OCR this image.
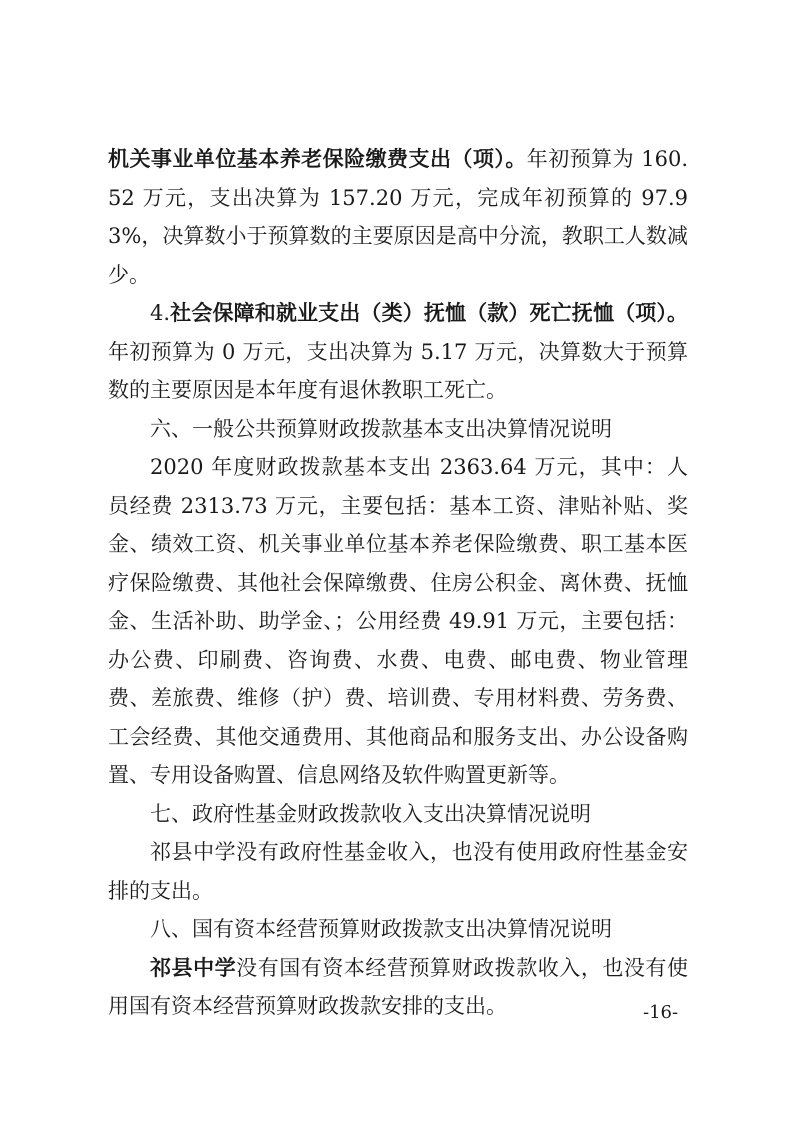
机关事业单位基本养老保险缴费支出（项）。年初预算为 160.52 万元，支出决算为 157.20 万元，完成年初预算的 97.93%，决算数小于预算数的主要原因是高中分流，教职工人数减少。

4.社会保障和就业支出（类）抚恤（款）死亡抚恤（项）。年初预算为 0 万元，支出决算为 5.17 万元，决算数大于预算数的主要原因是本年度有退休教职工死亡。

六、一般公共预算财政拨款基本支出决算情况说明

2020 年度财政拨款基本支出 2363.64 万元，其中：人员经费 2313.73 万元，主要包括：基本工资、津贴补贴、奖金、绩效工资、机关事业单位基本养老保险缴费、职工基本医疗保险缴费、其他社会保障缴费、住房公积金、离休费、抚恤金、生活补助、助学金、；公用经费 49.91 万元，主要包括：办公费、印刷费、咨询费、水费、电费、邮电费、物业管理费、差旅费、维修（护）费、培训费、专用材料费、劳务费、工会经费、其他交通费用、其他商品和服务支出、办公设备购置、专用设备购置、信息网络及软件购置更新等。

七、政府性基金财政拨款收入支出决算情况说明

祁县中学没有政府性基金收入，也没有使用政府性基金安排的支出。

八、国有资本经营预算财政拨款支出决算情况说明

祁县中学没有国有资本经营预算财政拨款收入，也没有使用国有资本经营预算财政拨款安排的支出。	-16-
